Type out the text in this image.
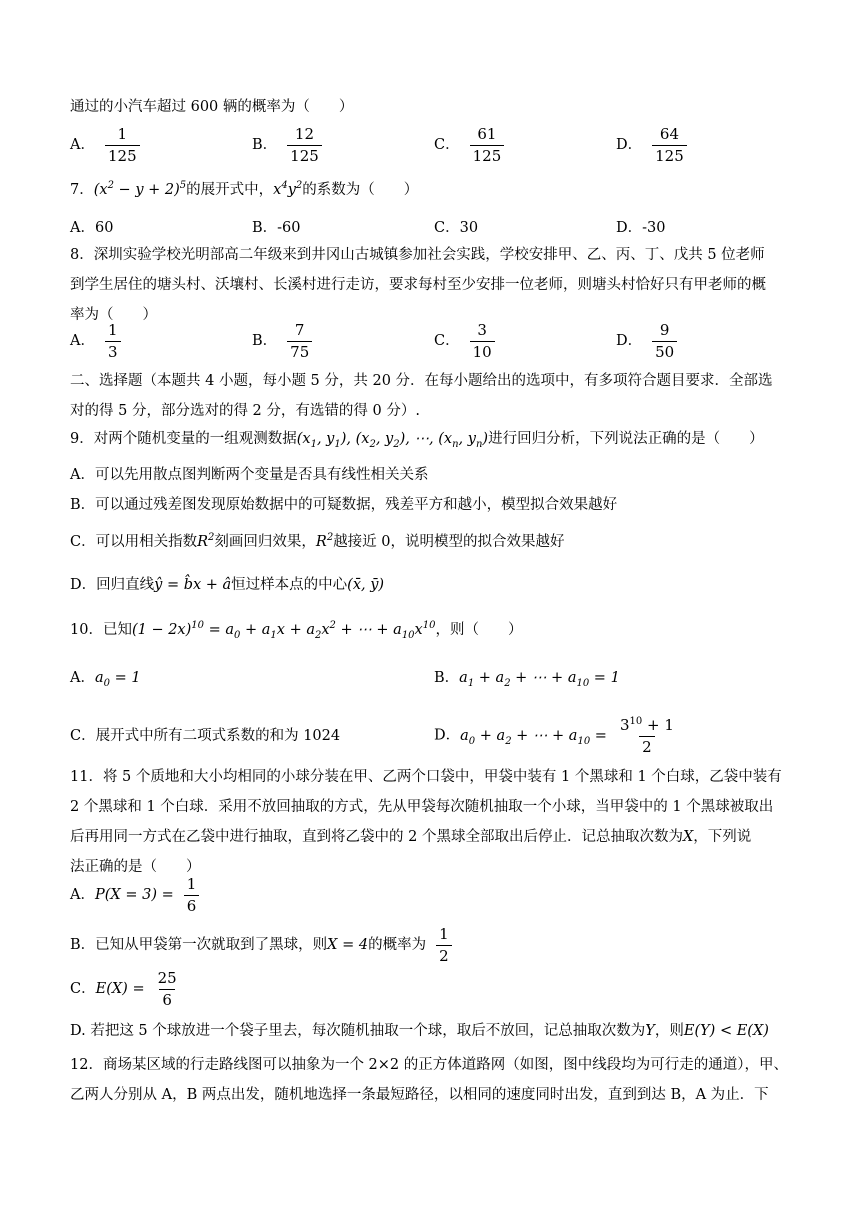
通过的小汽车超过 600 辆的概率为（　　）
A． $\frac{1}{125}$	B． $\frac{12}{125}$	C． $\frac{61}{125}$	D． $\frac{64}{125}$
7．$(x^2 - y + 2)^5$的展开式中，$x^4y^2$的系数为（　　）
A．60	B．-60	C．30	D．-30
8．深圳实验学校光明部高二年级来到井冈山古城镇参加社会实践，学校安排甲、乙、丙、丁、戊共 5 位老师
到学生居住的塘头村、沃壤村、长溪村进行走访，要求每村至少安排一位老师，则塘头村恰好只有甲老师的概
率为（　　）
A． $\frac{1}{3}$	B． $\frac{7}{75}$	C． $\frac{3}{10}$	D． $\frac{9}{50}$
二、选择题（本题共 4 小题，每小题 5 分，共 20 分．在每小题给出的选项中，有多项符合题目要求．全部选
对的得 5 分，部分选对的得 2 分，有选错的得 0 分）.
9．对两个随机变量的一组观测数据($x_1$, $y_1$), ($x_2$, $y_2$), ⋯, ($x_n$, $y_n$)进行回归分析，下列说法正确的是（　　）
A．可以先用散点图判断两个变量是否具有线性相关关系
B．可以通过残差图发现原始数据中的可疑数据，残差平方和越小，模型拟合效果越好
C．可以用相关指数$R^2$刻画回归效果，$R^2$越接近 0，说明模型的拟合效果越好
D．回归直线ŷ = b̂x + â恒过样本点的中心(x̄, ȳ)
10．已知$(1 - 2x)^{10} = a_0 + a_1x + a_2x^2$ + ⋯ + $a_{10}x^{10}$，则（　　）
A．$a_0 = 1$	B．$a_1 + a_2$ + ⋯ + $a_{10} = 1$
C．展开式中所有二项式系数的和为 1024	D．$a_0 + a_2$ + ⋯ + $a_{10} = \frac{3^{10} + 1}{2}$
11．将 5 个质地和大小均相同的小球分装在甲、乙两个口袋中，甲袋中装有 1 个黑球和 1 个白球，乙袋中装有
2 个黑球和 1 个白球．采用不放回抽取的方式，先从甲袋每次随机抽取一个小球，当甲袋中的 1 个黑球被取出
后再用同一方式在乙袋中进行抽取，直到将乙袋中的 2 个黑球全部取出后停止．记总抽取次数为X，下列说
法正确的是（　　）
A．$P(X = 3) = \frac{1}{6}$
B．已知从甲袋第一次就取到了黑球，则X = 4的概率为 $\frac{1}{2}$
C．$E(X) = \frac{25}{6}$
D. 若把这 5 个球放进一个袋子里去，每次随机抽取一个球，取后不放回，记总抽取次数为Y，则E(Y) < E(X)
12．商场某区域的行走路线图可以抽象为一个 2×2 的正方体道路网（如图，图中线段均为可行走的通道），甲、
乙两人分别从 A，B 两点出发，随机地选择一条最短路径，以相同的速度同时出发，直到到达 B，A 为止．下
